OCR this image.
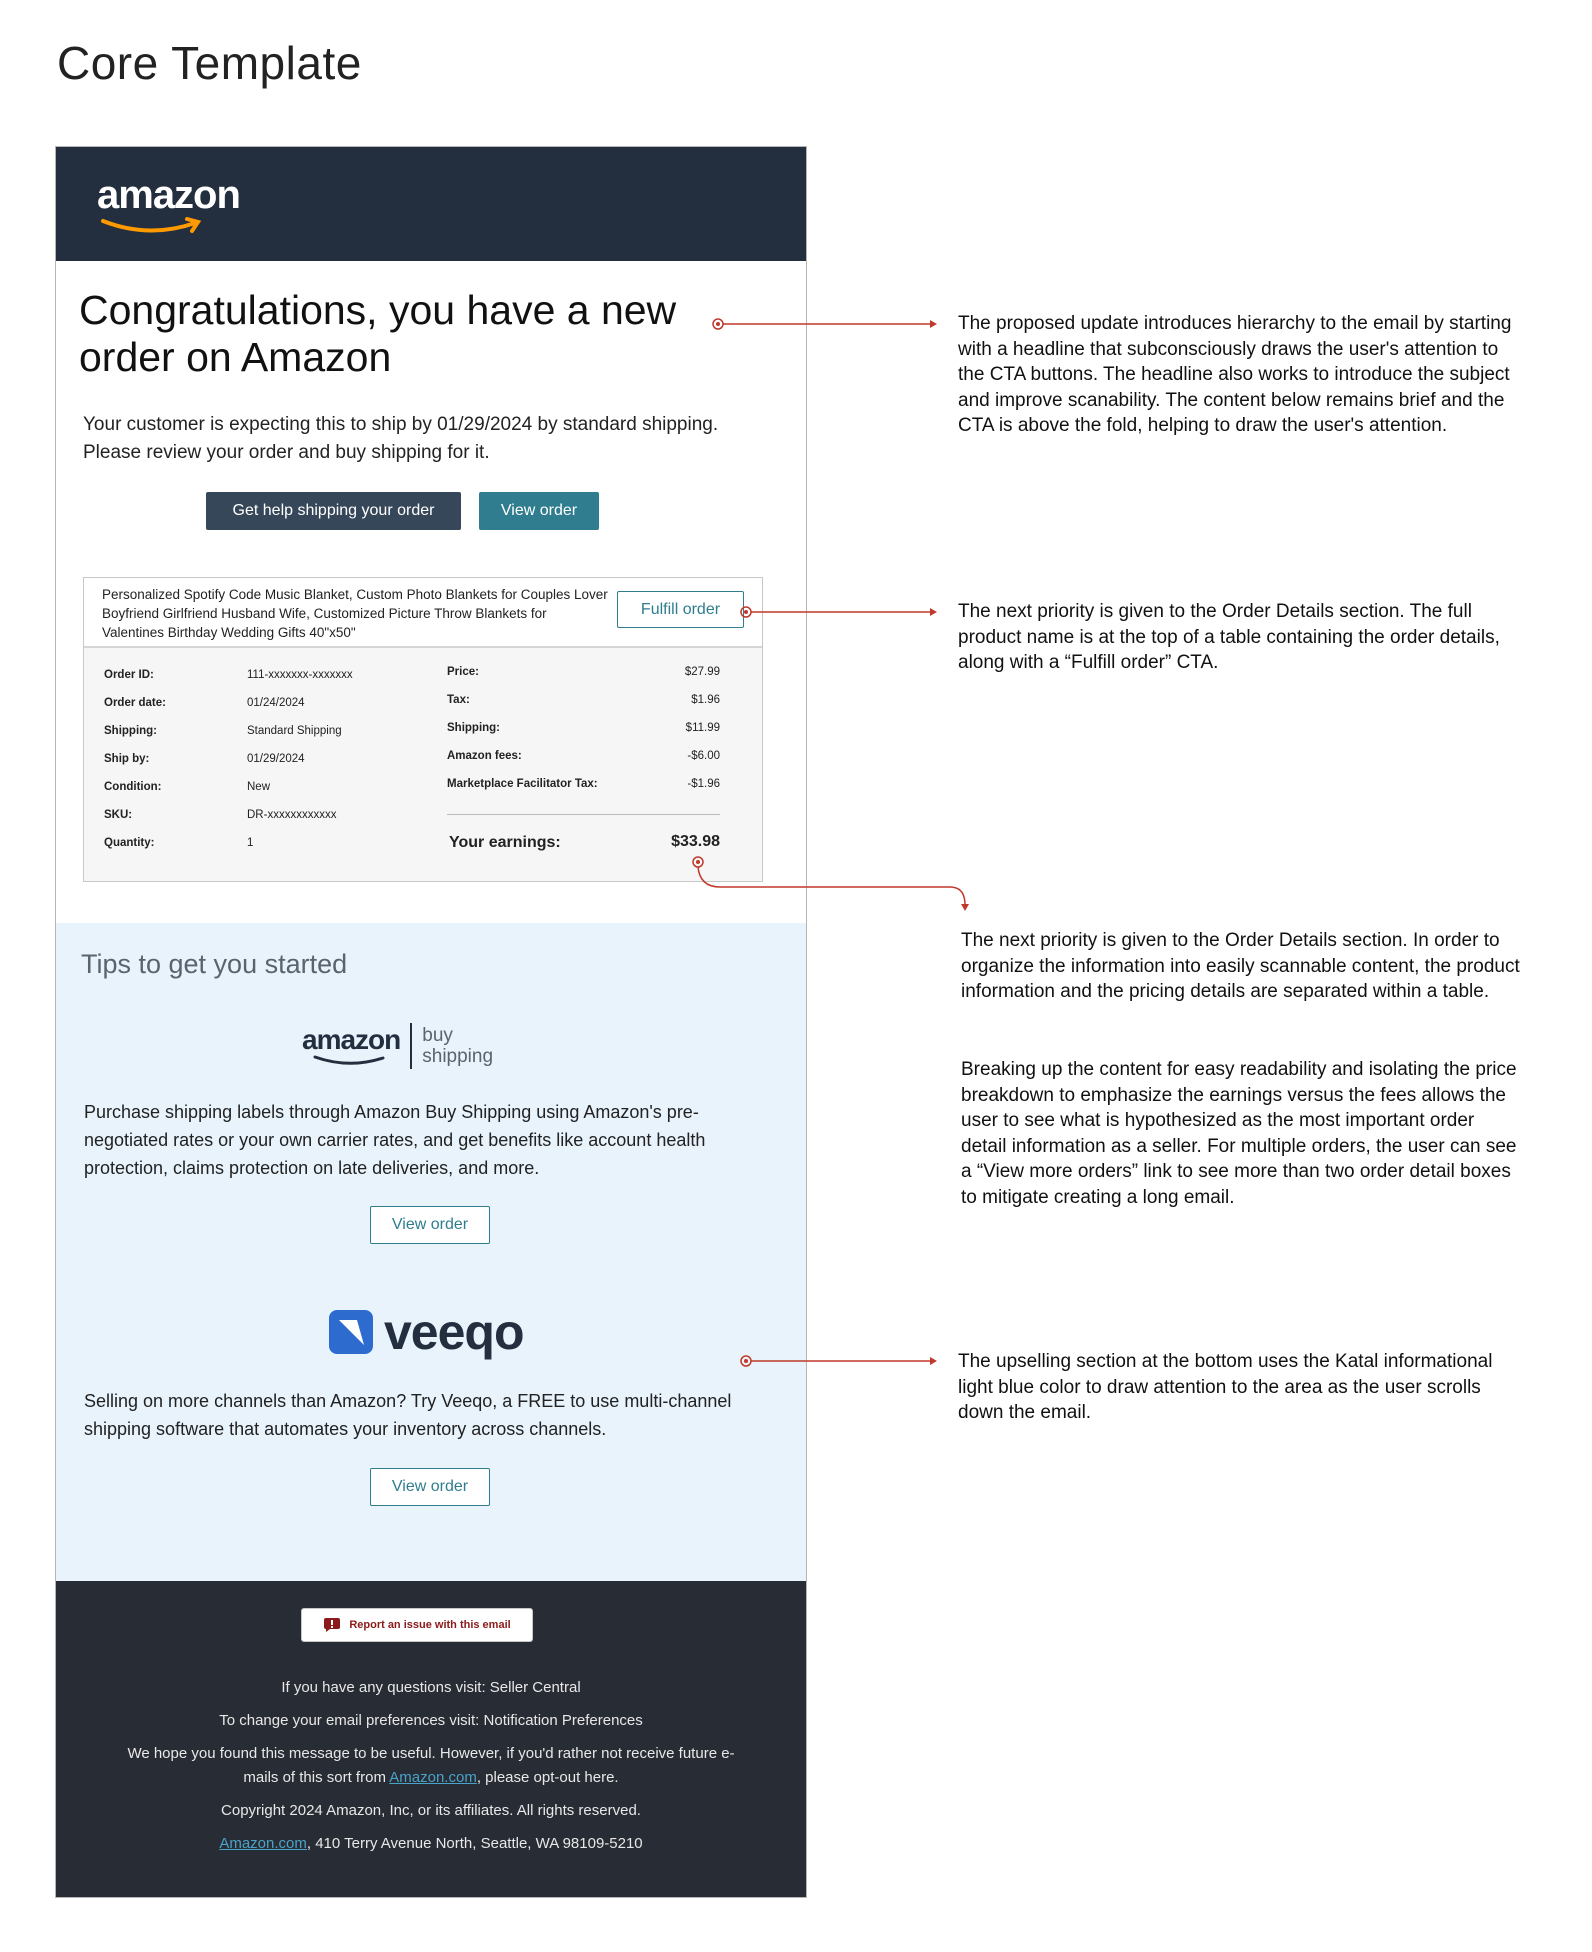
Core Template
amazon
Congratulations, you have a new order on Amazon
Your customer is expecting this to ship by 01/29/2024 by standard shipping. Please review your order and buy shipping for it.
Get help shipping your order	View order
Personalized Spotify Code Music Blanket, Custom Photo Blankets for Couples Lover Boyfriend Girlfriend Husband Wife, Customized Picture Throw Blankets for Valentines Birthday Wedding Gifts 40"x50"
Fulfill order
Order ID:	111-xxxxxxx-xxxxxxx
Order date:	01/24/2024
Shipping:	Standard Shipping
Ship by:	01/29/2024
Condition:	New
SKU:	DR-xxxxxxxxxxxx
Quantity:	1
Price:	$27.99
Tax:	$1.96
Shipping:	$11.99
Amazon fees:	-$6.00
Marketplace Facilitator Tax:	-$1.96
Your earnings:	$33.98
Tips to get you started
amazon buy
shipping
Purchase shipping labels through Amazon Buy Shipping using Amazon's pre-negotiated rates or your own carrier rates, and get benefits like account health protection, claims protection on late deliveries, and more.
View order
veeqo
Selling on more channels than Amazon? Try Veeqo, a FREE to use multi-channel shipping software that automates your inventory across channels.
View order
Report an issue with this email
If you have any questions visit: Seller Central
To change your email preferences visit: Notification Preferences
We hope you found this message to be useful. However, if you'd rather not receive future e-
mails of this sort from Amazon.com, please opt-out here.
Copyright 2024 Amazon, Inc, or its affiliates. All rights reserved.
Amazon.com, 410 Terry Avenue North, Seattle, WA 98109-5210
The proposed update introduces hierarchy to the email by starting with a headline that subconsciously draws the user's attention to the CTA buttons. The headline also works to introduce the subject and improve scanability. The content below remains brief and the CTA is above the fold, helping to draw the user's attention.
The next priority is given to the Order Details section. The full product name is at the top of a table containing the order details, along with a “Fulfill order” CTA.
The next priority is given to the Order Details section. In order to organize the information into easily scannable content, the product information and the pricing details are separated within a table.
Breaking up the content for easy readability and isolating the price breakdown to emphasize the earnings versus the fees allows the user to see what is hypothesized as the most important order detail information as a seller. For multiple orders, the user can see a “View more orders” link to see more than two order detail boxes to mitigate creating a long email.
The upselling section at the bottom uses the Katal informational light blue color to draw attention to the area as the user scrolls down the email.
